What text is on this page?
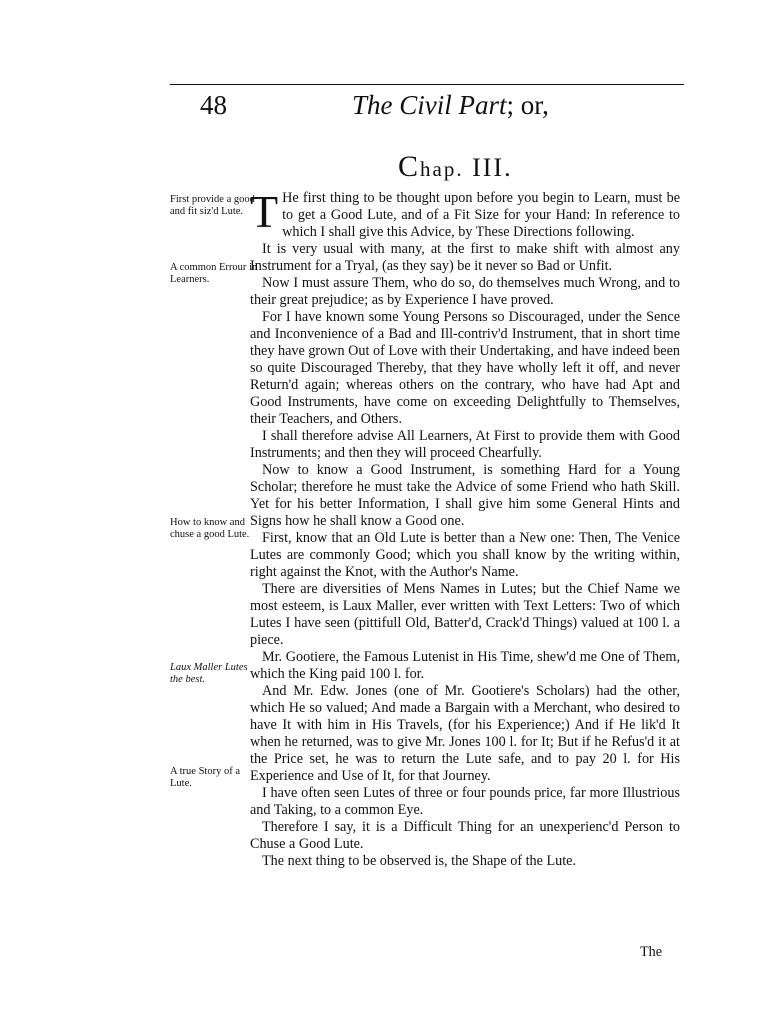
48	The Civil Part; or,
Chap. III.
First provide a good and fit siz'd Lute.
A common Errour in Learners.
How to know and chuse a good Lute.
Laux Maller Lutes the best.
A true Story of a Lute.

T He first thing to be thought upon before you begin to Learn, must be to get a Good Lute, and of a Fit Size for your Hand: In reference to which I shall give this Advice, by These Directions following.

It is very usual with many, at the first to make shift with almost any Instrument for a Tryal, (as they say) be it never so Bad or Unfit.

Now I must assure Them, who do so, do themselves much Wrong, and to their great prejudice; as by Experience I have proved.

For I have known some Young Persons so Discouraged, under the Sence and Inconvenience of a Bad and Ill-contriv'd Instrument, that in short time they have grown Out of Love with their Undertaking, and have indeed been so quite Discouraged Thereby, that they have wholly left it off, and never Return'd again; whereas others on the contrary, who have had Apt and Good Instruments, have come on exceeding Delightfully to Themselves, their Teachers, and Others.

I shall therefore advise All Learners, At First to provide them with Good Instruments; and then they will proceed Chearfully.

Now to know a Good Instrument, is something Hard for a Young Scholar; therefore he must take the Advice of some Friend who hath Skill. Yet for his better Information, I shall give him some General Hints and Signs how he shall know a Good one.

First, know that an Old Lute is better than a New one: Then, The Venice Lutes are commonly Good; which you shall know by the writing within, right against the Knot, with the Author's Name.

There are diversities of Mens Names in Lutes; but the Chief Name we most esteem, is Laux Maller, ever written with Text Letters: Two of which Lutes I have seen (pittifull Old, Batter'd, Crack'd Things) valued at 100 l. a piece.

Mr. Gootiere, the Famous Lutenist in His Time, shew'd me One of Them, which the King paid 100 l. for.

And Mr. Edw. Jones (one of Mr. Gootiere's Scholars) had the other, which He so valued; And made a Bargain with a Merchant, who desired to have It with him in His Travels, (for his Experience;) And if He lik'd It when he returned, was to give Mr. Jones 100 l. for It; But if he Refus'd it at the Price set, he was to return the Lute safe, and to pay 20 l. for His Experience and Use of It, for that Journey.

I have often seen Lutes of three or four pounds price, far more Illustrious and Taking, to a common Eye.

Therefore I say, it is a Difficult Thing for an unexperienc'd Person to Chuse a Good Lute.

The next thing to be observed is, the Shape of the Lute.

The
